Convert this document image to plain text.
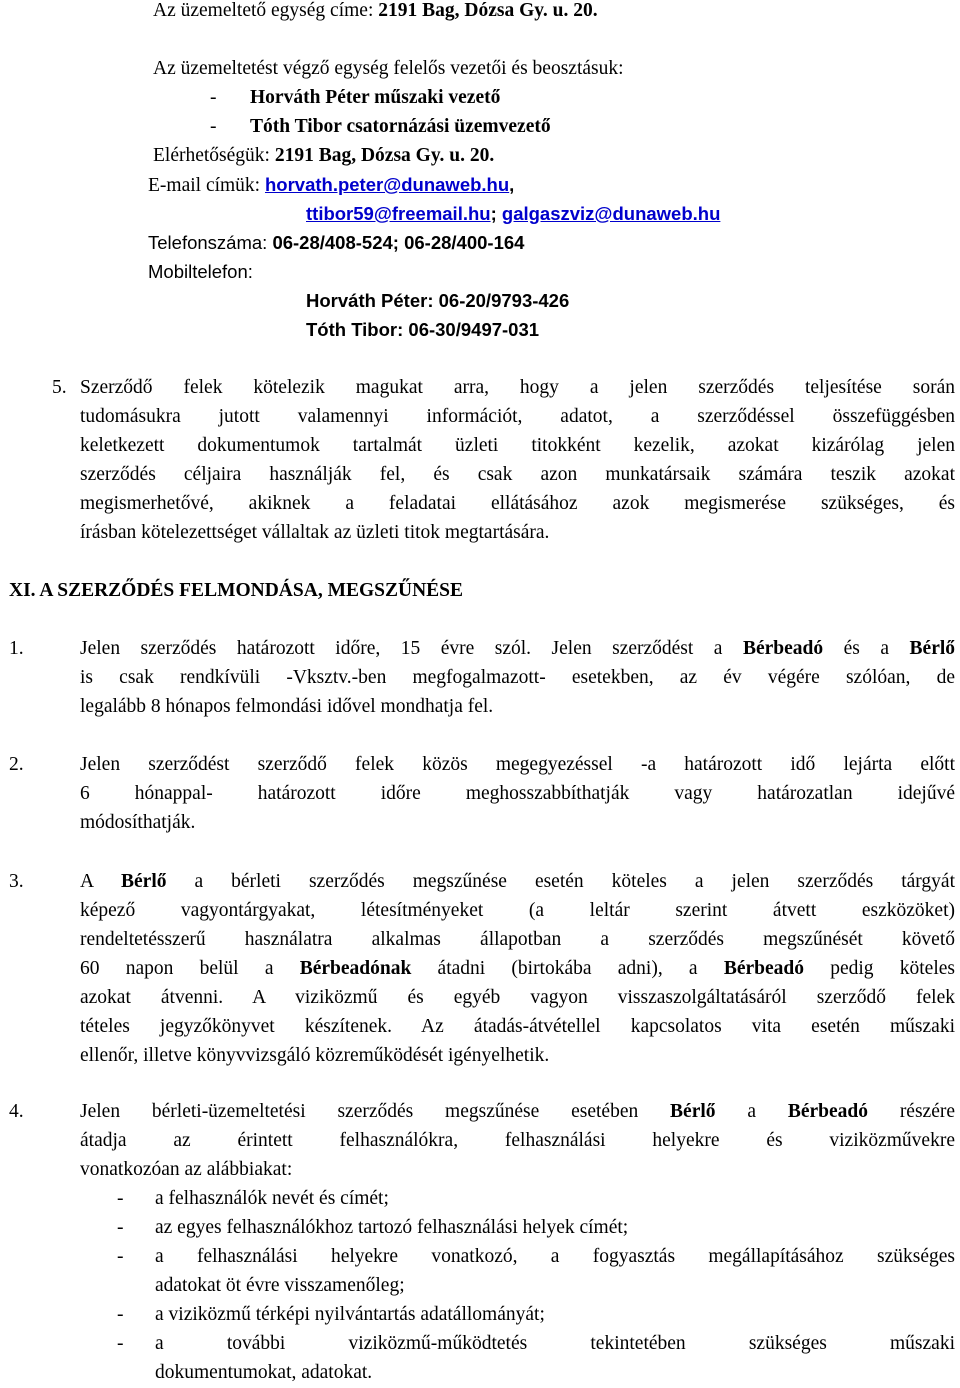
Az üzemeltető egység címe: 2191 Bag, Dózsa Gy. u. 20.
Az üzemeltetést végző egység felelős vezetői és beosztásuk:
- Horváth Péter műszaki vezető
- Tóth Tibor csatornázási üzemvezető
Elérhetőségük: 2191 Bag, Dózsa Gy. u. 20.
E-mail címük: horvath.peter@dunaweb.hu,
ttibor59@freemail.hu; galgaszviz@dunaweb.hu
Telefonszáma: 06-28/408-524; 06-28/400-164
Mobiltelefon:
Horváth Péter: 06-20/9793-426
Tóth Tibor: 06-30/9497-031
5. Szerződő felek kötelezik magukat arra, hogy a jelen szerződés teljesítése során
tudomásukra jutott valamennyi információt, adatot, a szerződéssel összefüggésben
keletkezett dokumentumok tartalmát üzleti titokként kezelik, azokat kizárólag jelen
szerződés céljaira használják fel, és csak azon munkatársaik számára teszik azokat
megismerhetővé, akiknek a feladatai ellátásához azok megismerése szükséges, és
írásban kötelezettséget vállaltak az üzleti titok megtartására.
XI. A SZERZŐDÉS FELMONDÁSA, MEGSZŰNÉSE
1.	Jelen szerződés határozott időre, 15 évre szól. Jelen szerződést a Bérbeadó és a Bérlő
is csak rendkívüli -Vksztv.-ben megfogalmazott- esetekben, az év végére szólóan, de
legalább 8 hónapos felmondási idővel mondhatja fel.
2.	Jelen szerződést szerződő felek közös megegyezéssel -a határozott idő lejárta előtt
6 hónappal- határozott időre meghosszabbíthatják vagy határozatlan idejűvé
módosíthatják.
3.	A Bérlő a bérleti szerződés megszűnése esetén köteles a jelen szerződés tárgyát
képező vagyontárgyakat, létesítményeket (a leltár szerint átvett eszközöket)
rendeltetésszerű használatra alkalmas állapotban a szerződés megszűnését követő
60 napon belül a Bérbeadónak átadni (birtokába adni), a Bérbeadó pedig köteles
azokat átvenni. A viziközmű és egyéb vagyon visszaszolgáltatásáról szerződő felek
tételes jegyzőkönyvet készítenek. Az átadás-átvétellel kapcsolatos vita esetén műszaki
ellenőr, illetve könyvvizsgáló közreműködését igényelhetik.
4.	Jelen bérleti-üzemeltetési szerződés megszűnése esetében Bérlő a Bérbeadó részére
átadja az érintett felhasználókra, felhasználási helyekre és viziközművekre
vonatkozóan az alábbiakat:
- a felhasználók nevét és címét;
- az egyes felhasználókhoz tartozó felhasználási helyek címét;
- a felhasználási helyekre vonatkozó, a fogyasztás megállapításához szükséges
adatokat öt évre visszamenőleg;
- a viziközmű térképi nyilvántartás adatállományát;
- a további viziközmű-működtetés tekintetében szükséges műszaki
dokumentumokat, adatokat.
